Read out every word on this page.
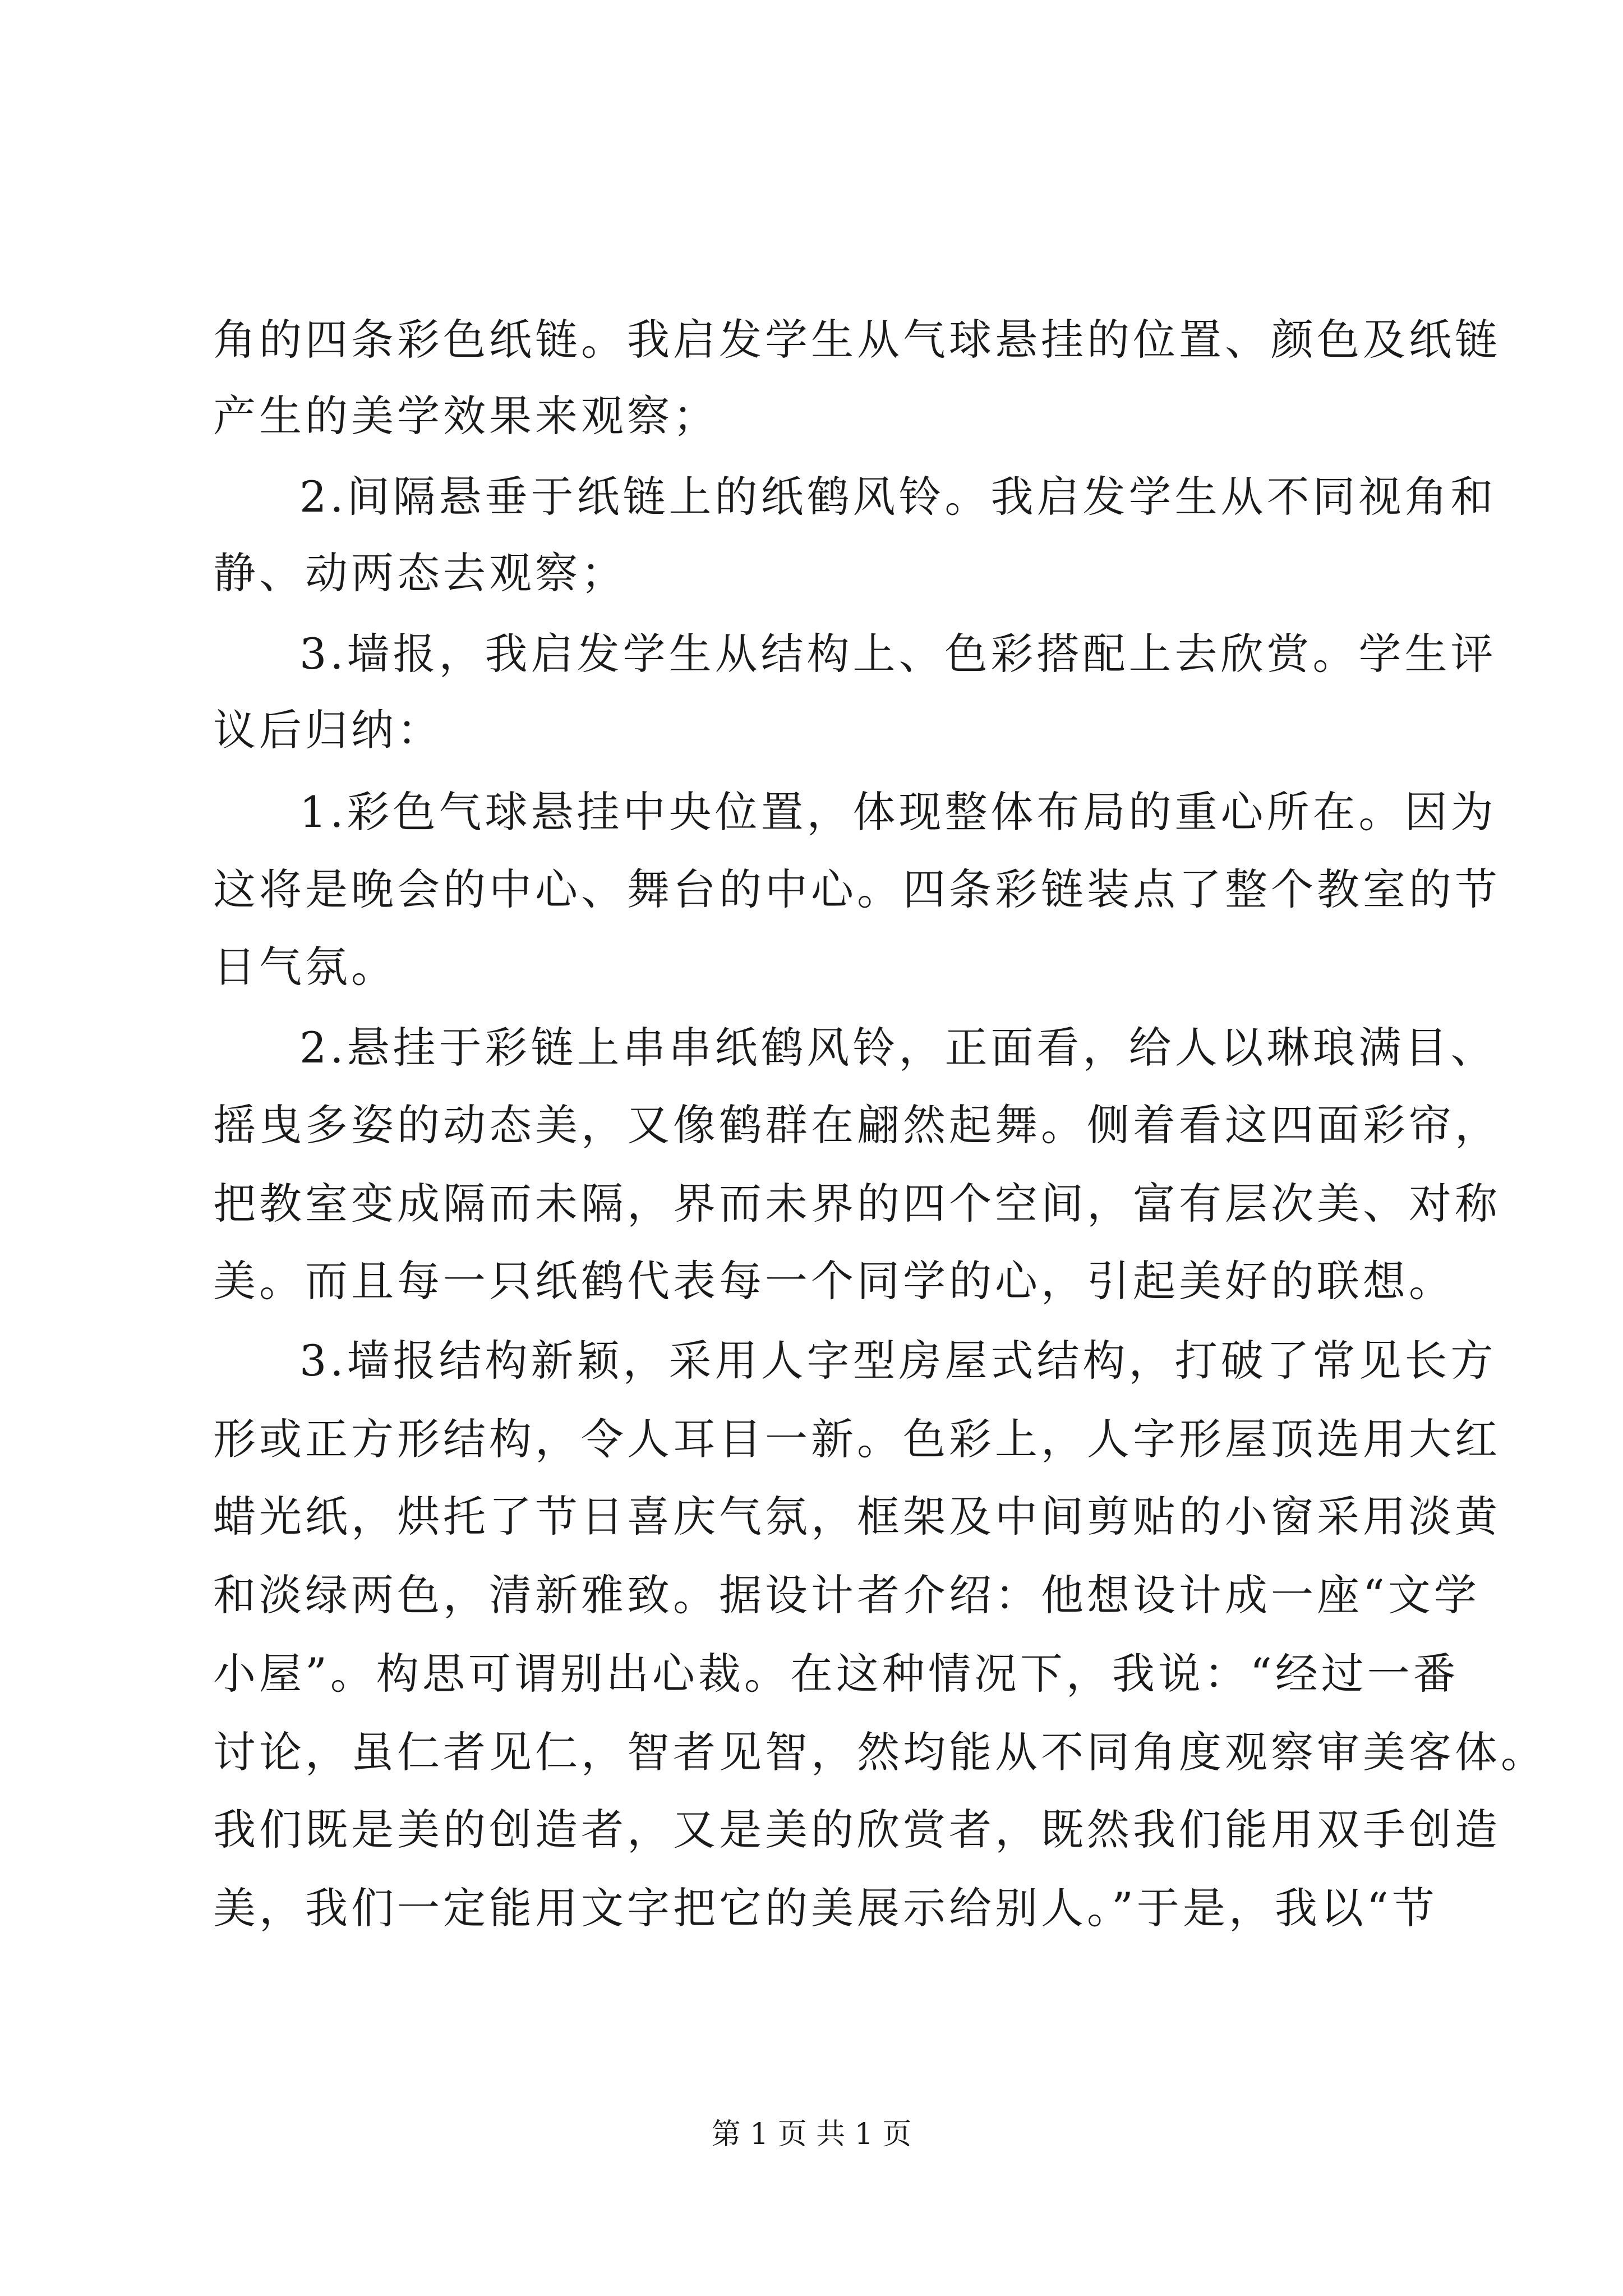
角的四条彩色纸链。我启发学生从气球悬挂的位置、颜色及纸链
产生的美学效果来观察；
2.间隔悬垂于纸链上的纸鹤风铃。我启发学生从不同视角和
静、动两态去观察；
3.墙报，我启发学生从结构上、色彩搭配上去欣赏。学生评
议后归纳：
1.彩色气球悬挂中央位置，体现整体布局的重心所在。因为
这将是晚会的中心、舞台的中心。四条彩链装点了整个教室的节
日气氛。
2.悬挂于彩链上串串纸鹤风铃，正面看，给人以琳琅满目、
摇曳多姿的动态美，又像鹤群在翩然起舞。侧着看这四面彩帘，
把教室变成隔而未隔，界而未界的四个空间，富有层次美、对称
美。而且每一只纸鹤代表每一个同学的心，引起美好的联想。
3.墙报结构新颖，采用人字型房屋式结构，打破了常见长方
形或正方形结构，令人耳目一新。色彩上，人字形屋顶选用大红
蜡光纸，烘托了节日喜庆气氛，框架及中间剪贴的小窗采用淡黄
和淡绿两色，清新雅致。据设计者介绍：他想设计成一座“文学
小屋”。构思可谓别出心裁。在这种情况下，我说：“经过一番
讨论，虽仁者见仁，智者见智，然均能从不同角度观察审美客体。
我们既是美的创造者，又是美的欣赏者，既然我们能用双手创造
美，我们一定能用文字把它的美展示给别人。”于是，我以“节
第 1 页 共 1 页
